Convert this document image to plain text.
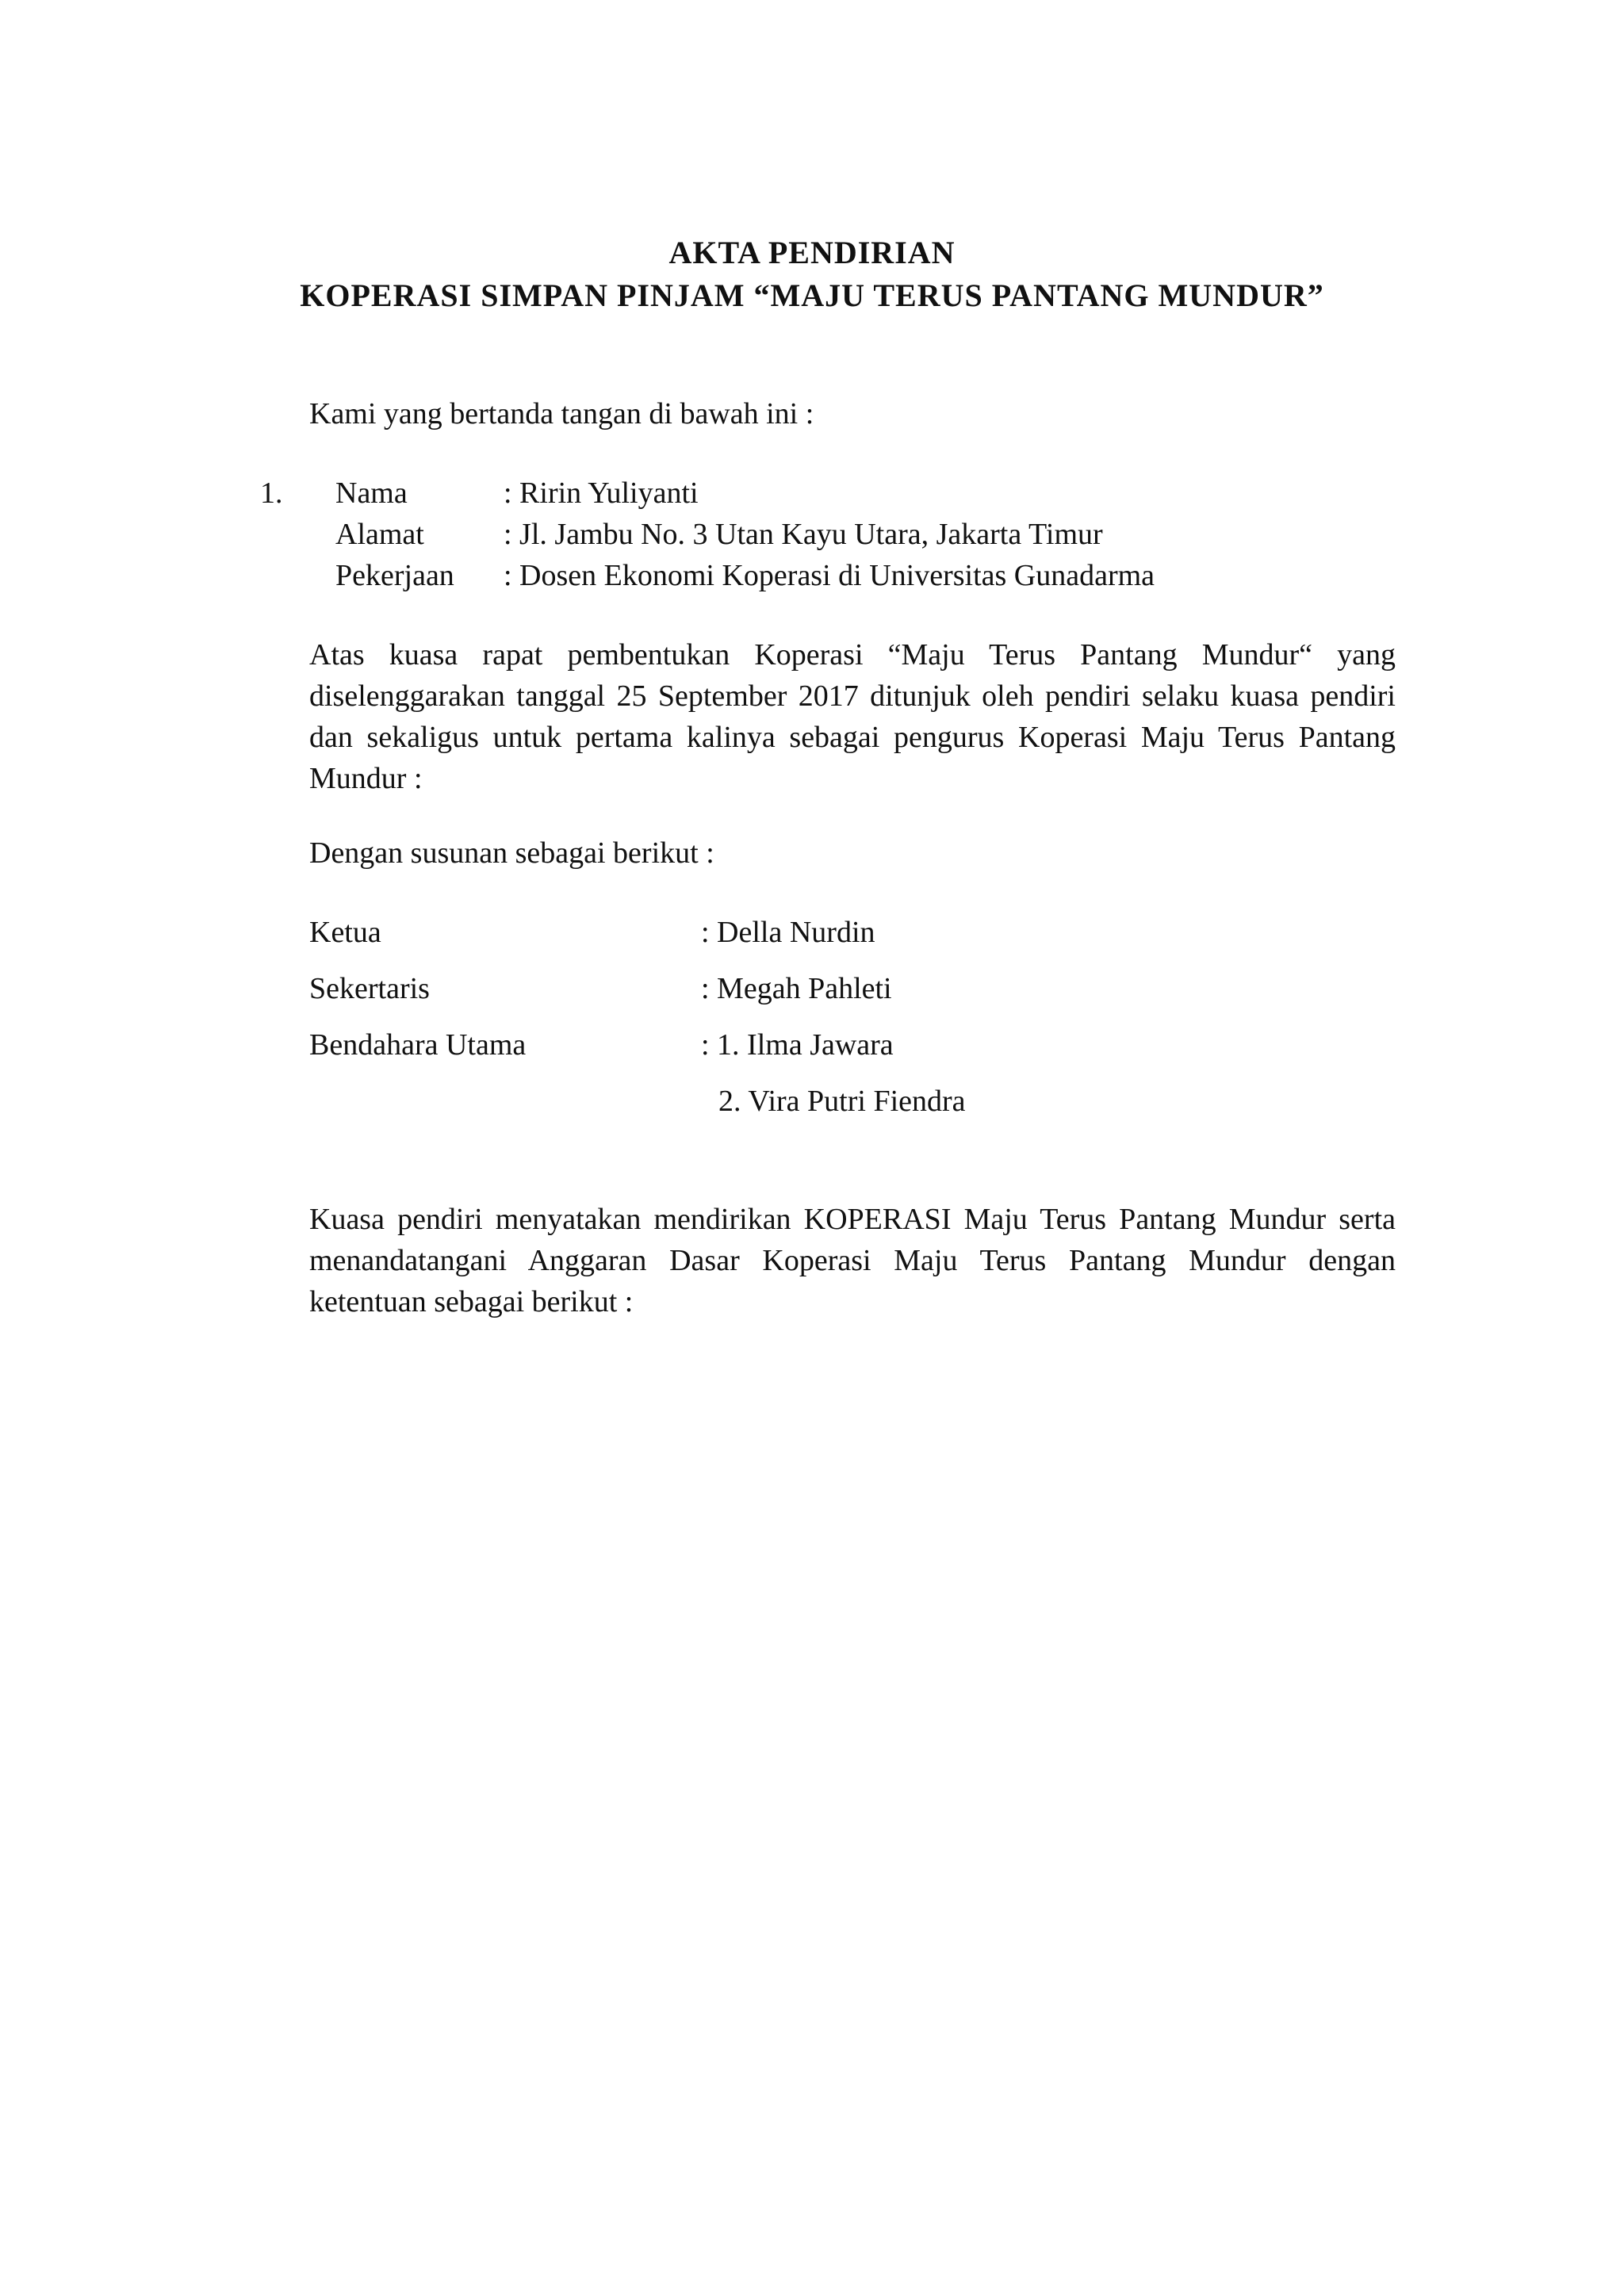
AKTA PENDIRIAN
KOPERASI SIMPAN PINJAM “MAJU TERUS PANTANG MUNDUR”
Kami yang bertanda tangan di bawah ini :
1. Nama	: Ririn Yuliyanti
Alamat	: Jl. Jambu No. 3 Utan Kayu Utara, Jakarta Timur
Pekerjaan	: Dosen Ekonomi Koperasi di Universitas Gunadarma
Atas kuasa rapat pembentukan Koperasi “Maju Terus Pantang Mundur“ yang diselenggarakan tanggal 25 September 2017 ditunjuk oleh pendiri selaku kuasa pendiri dan sekaligus untuk pertama kalinya sebagai pengurus Koperasi Maju Terus Pantang Mundur :
Dengan susunan sebagai berikut :
Ketua	: Della Nurdin
Sekertaris	: Megah Pahleti
Bendahara Utama	: 1. Ilma Jawara
2. Vira Putri Fiendra
Kuasa pendiri menyatakan mendirikan KOPERASI Maju Terus Pantang Mundur serta menandatangani Anggaran Dasar Koperasi Maju Terus Pantang Mundur dengan ketentuan sebagai berikut :
